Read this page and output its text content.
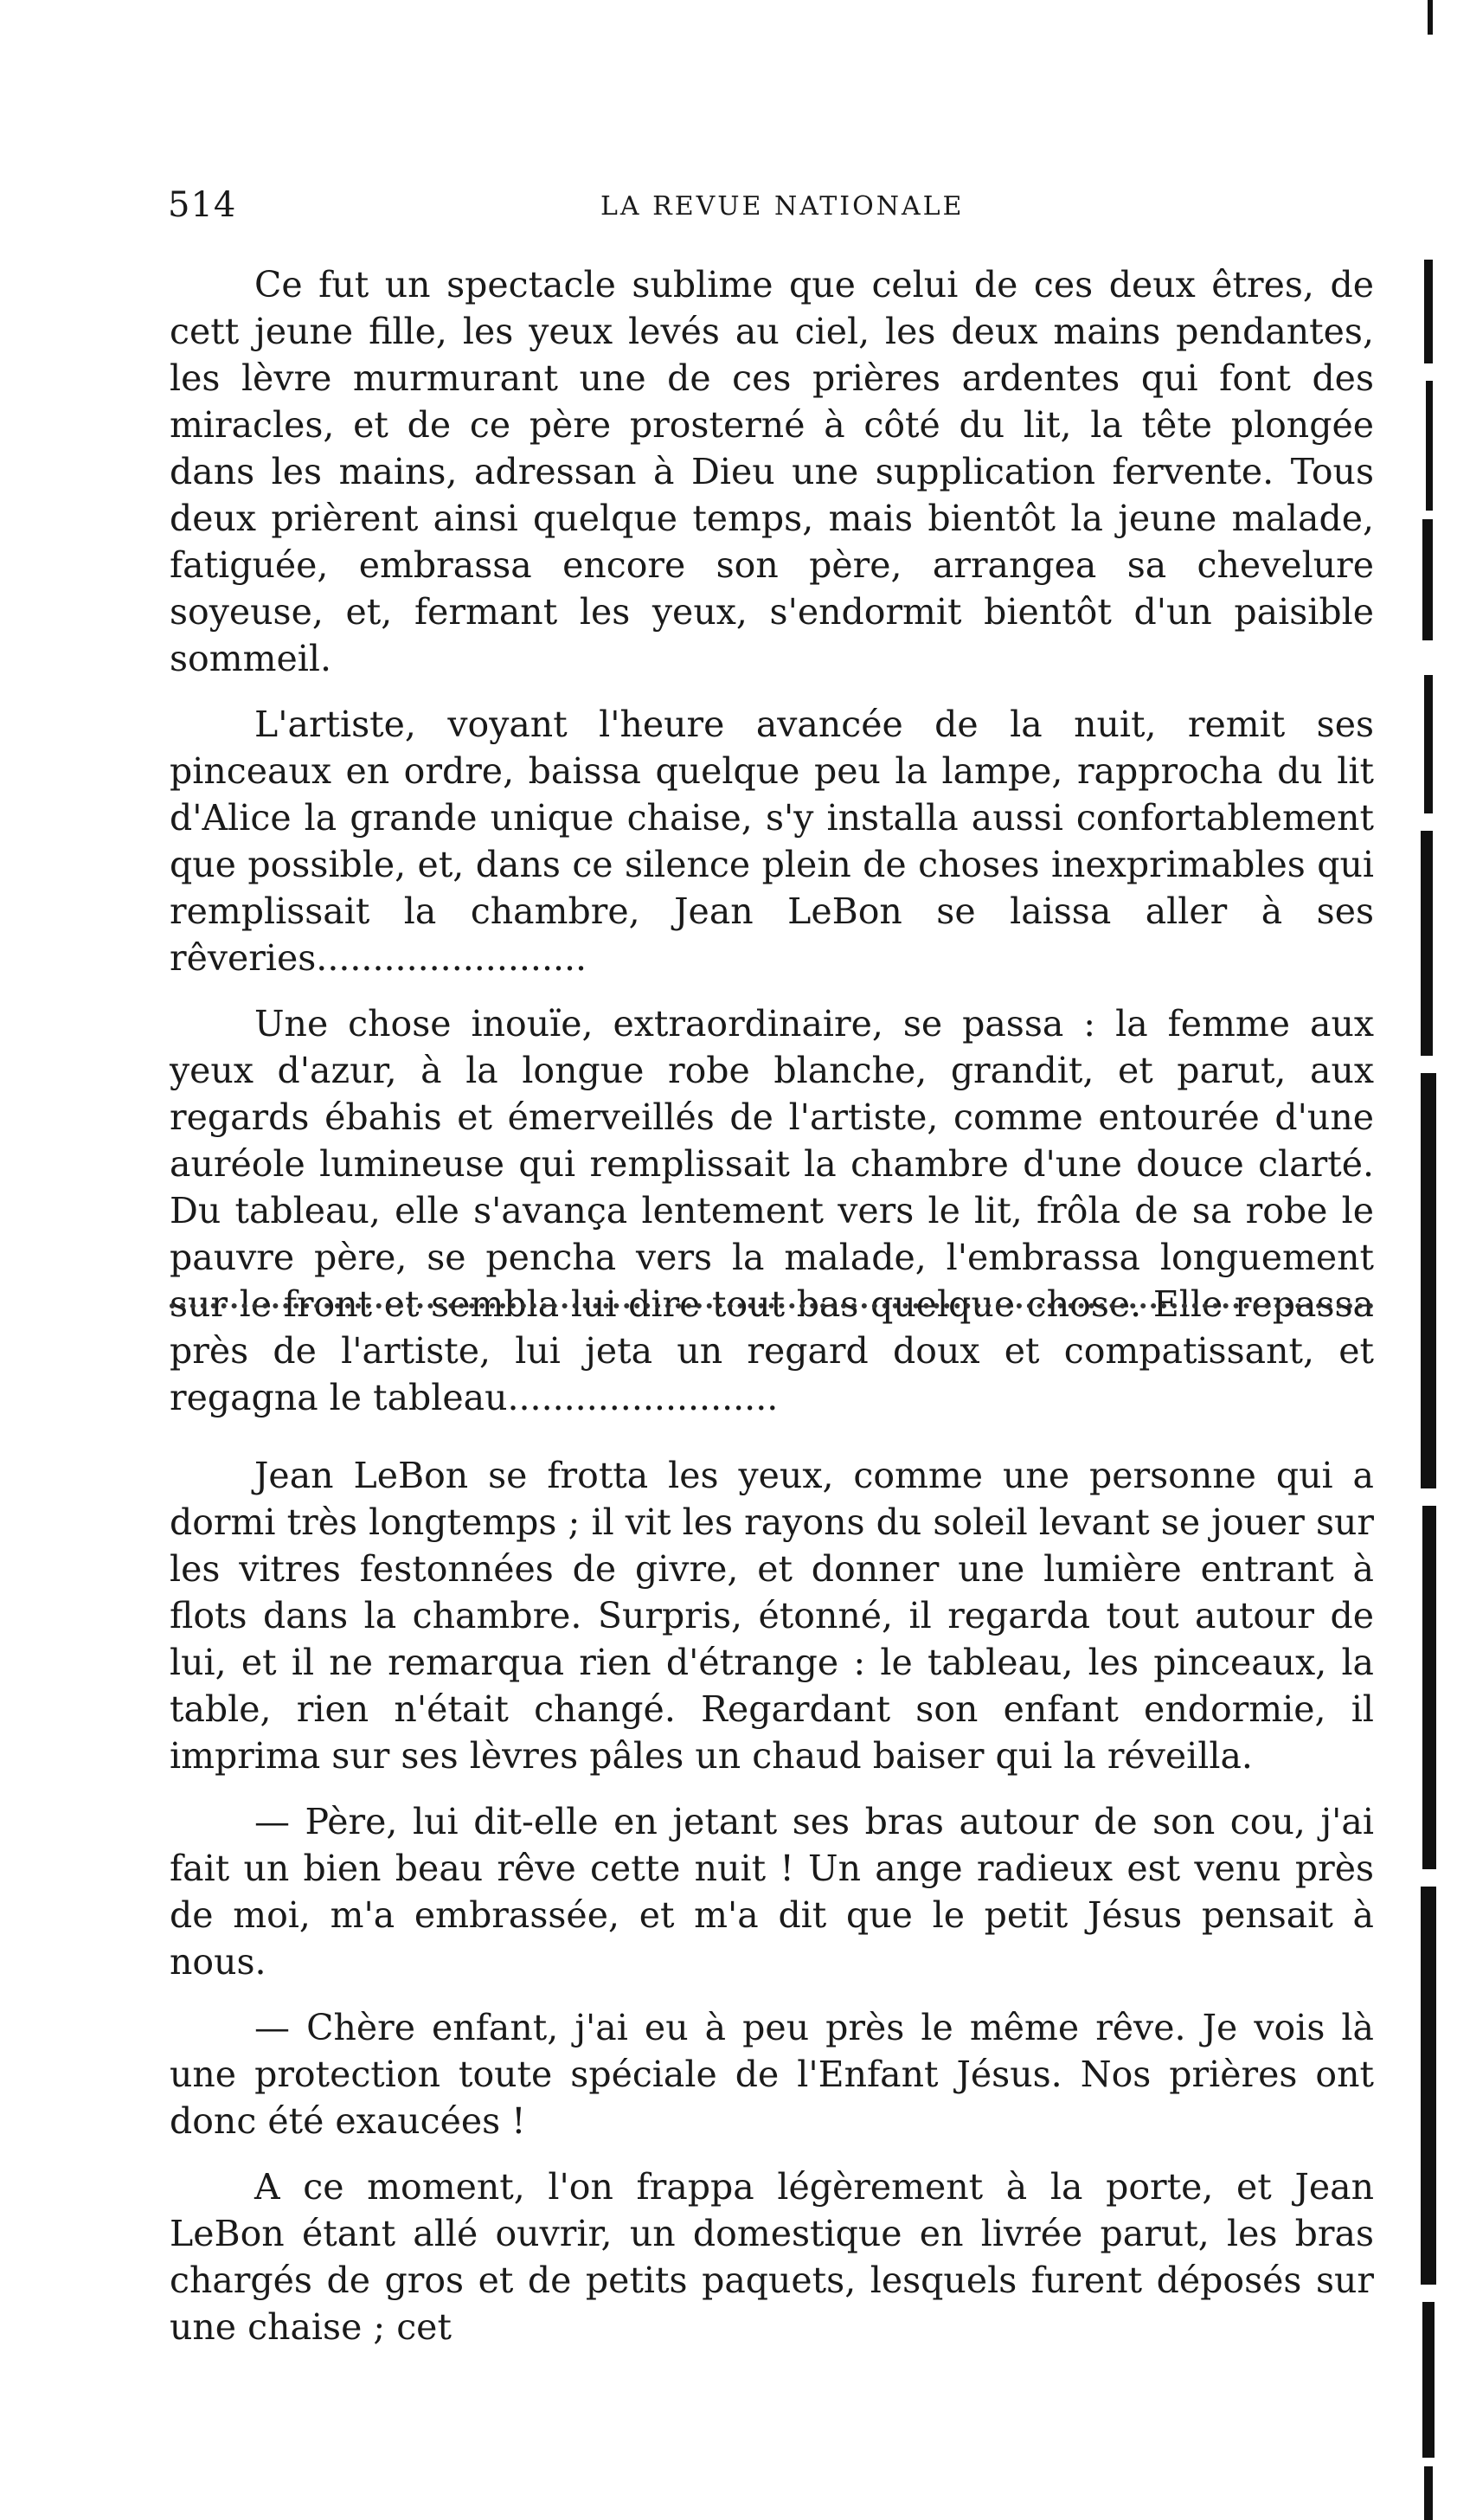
514	LA REVUE NATIONALE

Ce fut un spectacle sublime que celui de ces deux êtres, de cett jeune fille, les yeux levés au ciel, les deux mains pendantes, les lèvre murmurant une de ces prières ardentes qui font des miracles, et de ce père prosterné à côté du lit, la tête plongée dans les mains, adressan à Dieu une supplication fervente. Tous deux prièrent ainsi quelque temps, mais bientôt la jeune malade, fatiguée, embrassa encore son père, arrangea sa chevelure soyeuse, et, fermant les yeux, s'endormit bientôt d'un paisible sommeil.

L'artiste, voyant l'heure avancée de la nuit, remit ses pinceaux en ordre, baissa quelque peu la lampe, rapprocha du lit d'Alice la grande unique chaise, s'y installa aussi confortablement que possible, et, dans ce silence plein de choses inexprimables qui remplissait la chambre, Jean LeBon se laissa aller à ses rêveries........................

Une chose inouïe, extraordinaire, se passa : la femme aux yeux d'azur, à la longue robe blanche, grandit, et parut, aux regards ébahis et émerveillés de l'artiste, comme entourée d'une auréole lumineuse qui remplissait la chambre d'une douce clarté. Du tableau, elle s'avança lentement vers le lit, frôla de sa robe le pauvre père, se pencha vers la malade, l'embrassa longuement sur le front et sembla lui dire tout bas quelque chose. Elle repassa près de l'artiste, lui jeta un regard doux et compatissant, et regagna le tableau........................

Jean LeBon se frotta les yeux, comme une personne qui a dormi très longtemps ; il vit les rayons du soleil levant se jouer sur les vitres festonnées de givre, et donner une lumière entrant à flots dans la chambre. Surpris, étonné, il regarda tout autour de lui, et il ne remarqua rien d'étrange : le tableau, les pinceaux, la table, rien n'était changé. Regardant son enfant endormie, il imprima sur ses lèvres pâles un chaud baiser qui la réveilla.

— Père, lui dit-elle en jetant ses bras autour de son cou, j'ai fait un bien beau rêve cette nuit ! Un ange radieux est venu près de moi, m'a embrassée, et m'a dit que le petit Jésus pensait à nous.

— Chère enfant, j'ai eu à peu près le même rêve. Je vois là une protection toute spéciale de l'Enfant Jésus. Nos prières ont donc été exaucées !

A ce moment, l'on frappa légèrement à la porte, et Jean LeBon étant allé ouvrir, un domestique en livrée parut, les bras chargés de gros et de petits paquets, lesquels furent déposés sur une chaise ; cet
